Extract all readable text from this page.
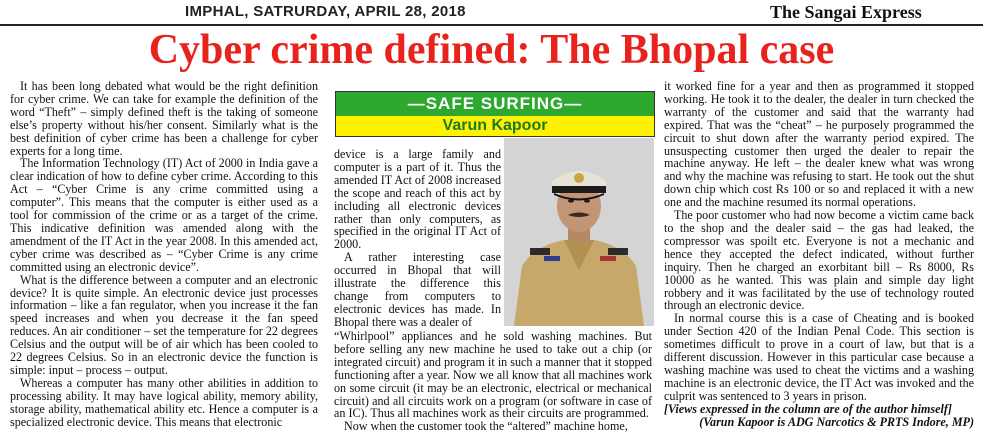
IMPHAL, SATRURDAY, APRIL 28, 2018	The Sangai Express
Cyber crime defined: The Bhopal case

It has been long debated what would be the right definition for cyber crime. We can take for example the definition of the word “Theft” – simply defined theft is the taking of someone else’s property without his/her consent. Similarly what is the best definition of cyber crime has been a challenge for cyber experts for a long time.

The Information Technology (IT) Act of 2000 in India gave a clear indication of how to define cyber crime. According to this Act – “Cyber Crime is any crime committed using a computer”. This means that the computer is either used as a tool for commission of the crime or as a target of the crime. This indicative definition was amended along with the amendment of the IT Act in the year 2008. In this amended act, cyber crime was described as – “Cyber Crime is any crime committed using an electronic device”.

What is the difference between a computer and an electronic device? It is quite simple. An electronic device just processes information – like a fan regulator, when you increase it the fan speed increases and when you decrease it the fan speed reduces. An air conditioner – set the temperature for 22 degrees Celsius and the output will be of air which has been cooled to 22 degrees Celsius. So in an electronic device the function is simple: input – process – output.

Whereas a computer has many other abilities in addition to processing ability. It may have logical ability, memory ability, storage ability, mathematical ability etc. Hence a computer is a specialized electronic device. This means that electronic

—SAFE SURFING—
Varun Kapoor

device is a large family and computer is a part of it. Thus the amended IT Act of 2008 increased the scope and reach of this act by including all electronic devices rather than only computers, as specified in the original IT Act of 2000.

A rather interesting case occurred in Bhopal that will illustrate the difference this change from computers to electronic devices has made. In Bhopal there was a dealer of

“Whirlpool” appliances and he sold washing machines. But before selling any new machine he used to take out a chip (or integrated circuit) and program it in such a manner that it stopped functioning after a year. Now we all know that all machines work on some circuit (it may be an electronic, electrical or mechanical circuit) and all circuits work on a program (or software in case of an IC). Thus all machines work as their circuits are programmed.

Now when the customer took the “altered” machine home,

it worked fine for a year and then as programmed it stopped working. He took it to the dealer, the dealer in turn checked the warranty of the customer and said that the warranty had expired. That was the “cheat” – he purposely programmed the circuit to shut down after the warranty period expired. The unsuspecting customer then urged the dealer to repair the machine anyway. He left – the dealer knew what was wrong and why the machine was refusing to start. He took out the shut down chip which cost Rs 100 or so and replaced it with a new one and the machine resumed its normal operations.

The poor customer who had now become a victim came back to the shop and the dealer said – the gas had leaked, the compressor was spoilt etc. Everyone is not a mechanic and hence they accepted the defect indicated, without further inquiry. Then he charged an exorbitant bill – Rs 8000, Rs 10000 as he wanted. This was plain and simple day light robbery and it was facilitated by the use of technology routed through an electronic device.

In normal course this is a case of Cheating and is booked under Section 420 of the Indian Penal Code. This section is sometimes difficult to prove in a court of law, but that is a different discussion. However in this particular case because a washing machine was used to cheat the victims and a washing machine is an electronic device, the IT Act was invoked and the culprit was sentenced to 3 years in prison.

[Views expressed in the column are of the author himself]

(Varun Kapoor is ADG Narcotics & PRTS Indore, MP)
